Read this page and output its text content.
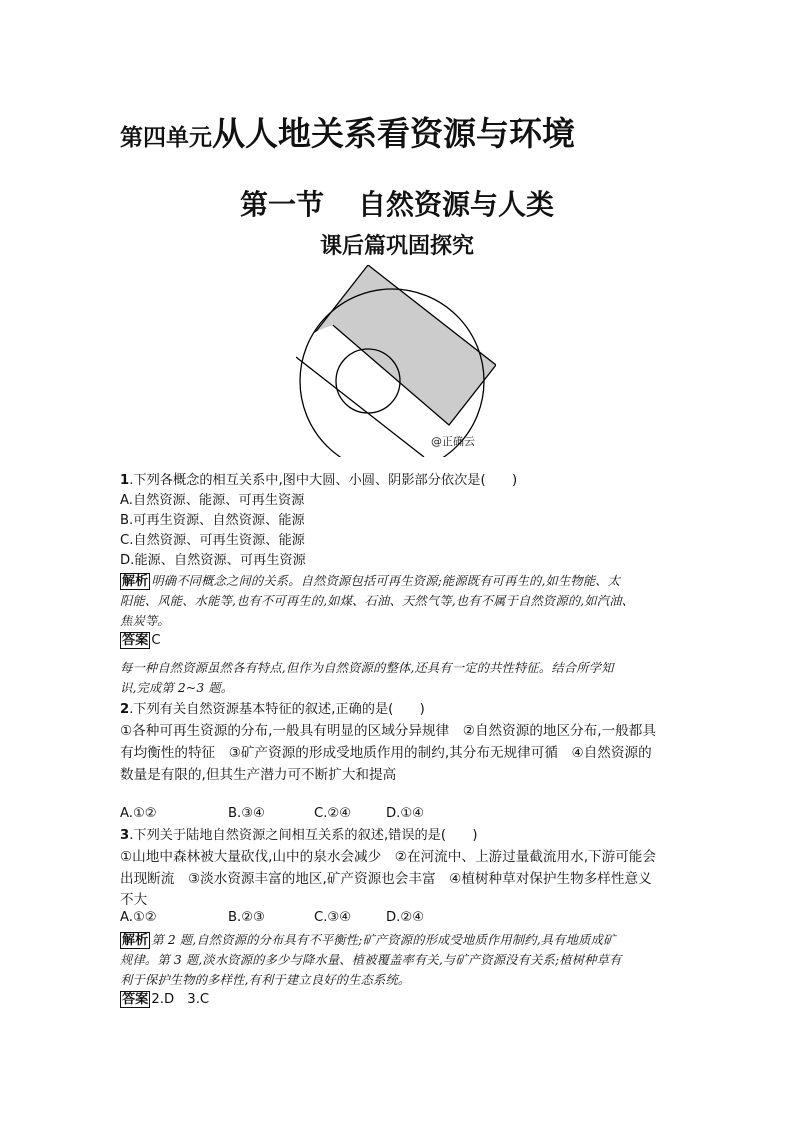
第四单元从人地关系看资源与环境
第一节 自然资源与人类
课后篇巩固探究
@正确云
1.下列各概念的相互关系中,图中大圆、小圆、阴影部分依次是(　　)
A.自然资源、能源、可再生资源
B.可再生资源、自然资源、能源
C.自然资源、可再生资源、能源
D.能源、自然资源、可再生资源
解析 明确不同概念之间的关系。自然资源包括可再生资源;能源既有可再生的,如生物能、太
阳能、风能、水能等,也有不可再生的,如煤、石油、天然气等,也有不属于自然资源的,如汽油、
焦炭等。
答案 C
每一种自然资源虽然各有特点,但作为自然资源的整体,还具有一定的共性特征。结合所学知
识,完成第 2~3 题。
2.下列有关自然资源基本特征的叙述,正确的是(　　)
①各种可再生资源的分布,一般具有明显的区域分异规律　②自然资源的地区分布,一般都具
有均衡性的特征　③矿产资源的形成受地质作用的制约,其分布无规律可循　④自然资源的
数量是有限的,但其生产潜力可不断扩大和提高
A.①②	B.③④	C.②④	D.①④
3.下列关于陆地自然资源之间相互关系的叙述,错误的是(　　)
①山地中森林被大量砍伐,山中的泉水会减少　②在河流中、上游过量截流用水,下游可能会
出现断流　③淡水资源丰富的地区,矿产资源也会丰富　④植树种草对保护生物多样性意义
不大
A.①②	B.②③	C.③④	D.②④
解析 第 2 题,自然资源的分布具有不平衡性;矿产资源的形成受地质作用制约,具有地质成矿
规律。第 3 题,淡水资源的多少与降水量、植被覆盖率有关,与矿产资源没有关系;植树种草有
利于保护生物的多样性,有利于建立良好的生态系统。
答案 2.D　3.C
